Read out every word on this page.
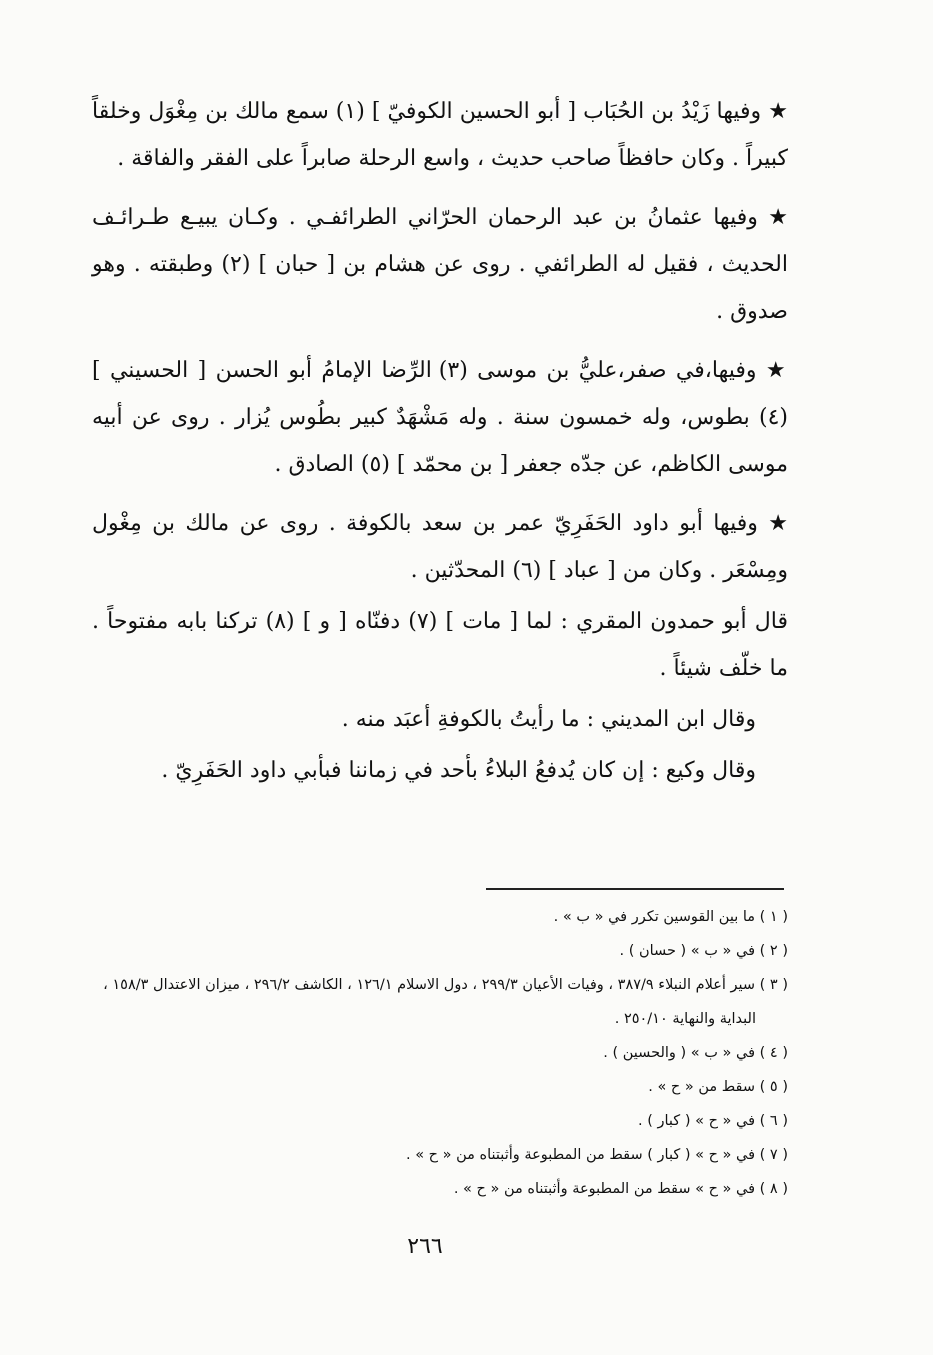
★ وفيها زَيْدُ بن الحُبَاب [ أبو الحسين الكوفيّ ] (١) سمع مالك بن مِغْوَل وخلقاً كبيراً . وكان حافظاً صاحب حديث ، واسع الرحلة صابراً على الفقر والفاقة .

★ وفيها عثمانُ بن عبد الرحمان الحرّاني الطرائفـي . وكـان يبيـع طـرائـف الحديث ، فقيل له الطرائفي . روى عن هشام بن [ حبان ] (٢) وطبقته . وهو صدوق .

★ وفيها،في صفر،عليُّ بن موسى (٣) الرِّضا الإمامُ أبو الحسن [ الحسيني ] (٤) بطوس، وله خمسون سنة . وله مَشْهَدٌ كبير بطُوس يُزار . روى عن أبيه موسى الكاظم، عن جدّه جعفر [ بن محمّد ] (٥) الصادق .

★ وفيها أبو داود الحَفَرِيّ عمر بن سعد بالكوفة . روى عن مالك بن مِغْول ومِسْعَر . وكان من [ عباد ] (٦) المحدّثين .

قال أبو حمدون المقري : لما [ مات ] (٧) دفنّاه [ و ] (٨) تركنا بابه مفتوحاً . ما خلّف شيئاً .

وقال ابن المديني : ما رأيتُ بالكوفةِ أعبَد منه .

وقال وكيع : إن كان يُدفعُ البلاءُ بأحد في زماننا فبأبي داود الحَفَرِيّ .

( ١ ) ما بين القوسين تكرر في « ب » .

( ٢ ) في « ب » ( حسان ) .

( ٣ ) سير أعلام النبلاء ٣٨٧/٩ ، وفيات الأعيان ٢٩٩/٣ ، دول الاسلام ١٢٦/١ ، الكاشف ٢٩٦/٢ ، ميزان الاعتدال ١٥٨/٣ ، البداية والنهاية ٢٥٠/١٠ .

( ٤ ) في « ب » ( والحسين ) .

( ٥ ) سقط من « ح » .

( ٦ ) في « ح » ( كبار ) .

( ٧ ) في « ح » ( كبار ) سقط من المطبوعة وأثبتناه من « ح » .

( ٨ ) في « ح » سقط من المطبوعة وأثبتناه من « ح » .

٢٦٦
